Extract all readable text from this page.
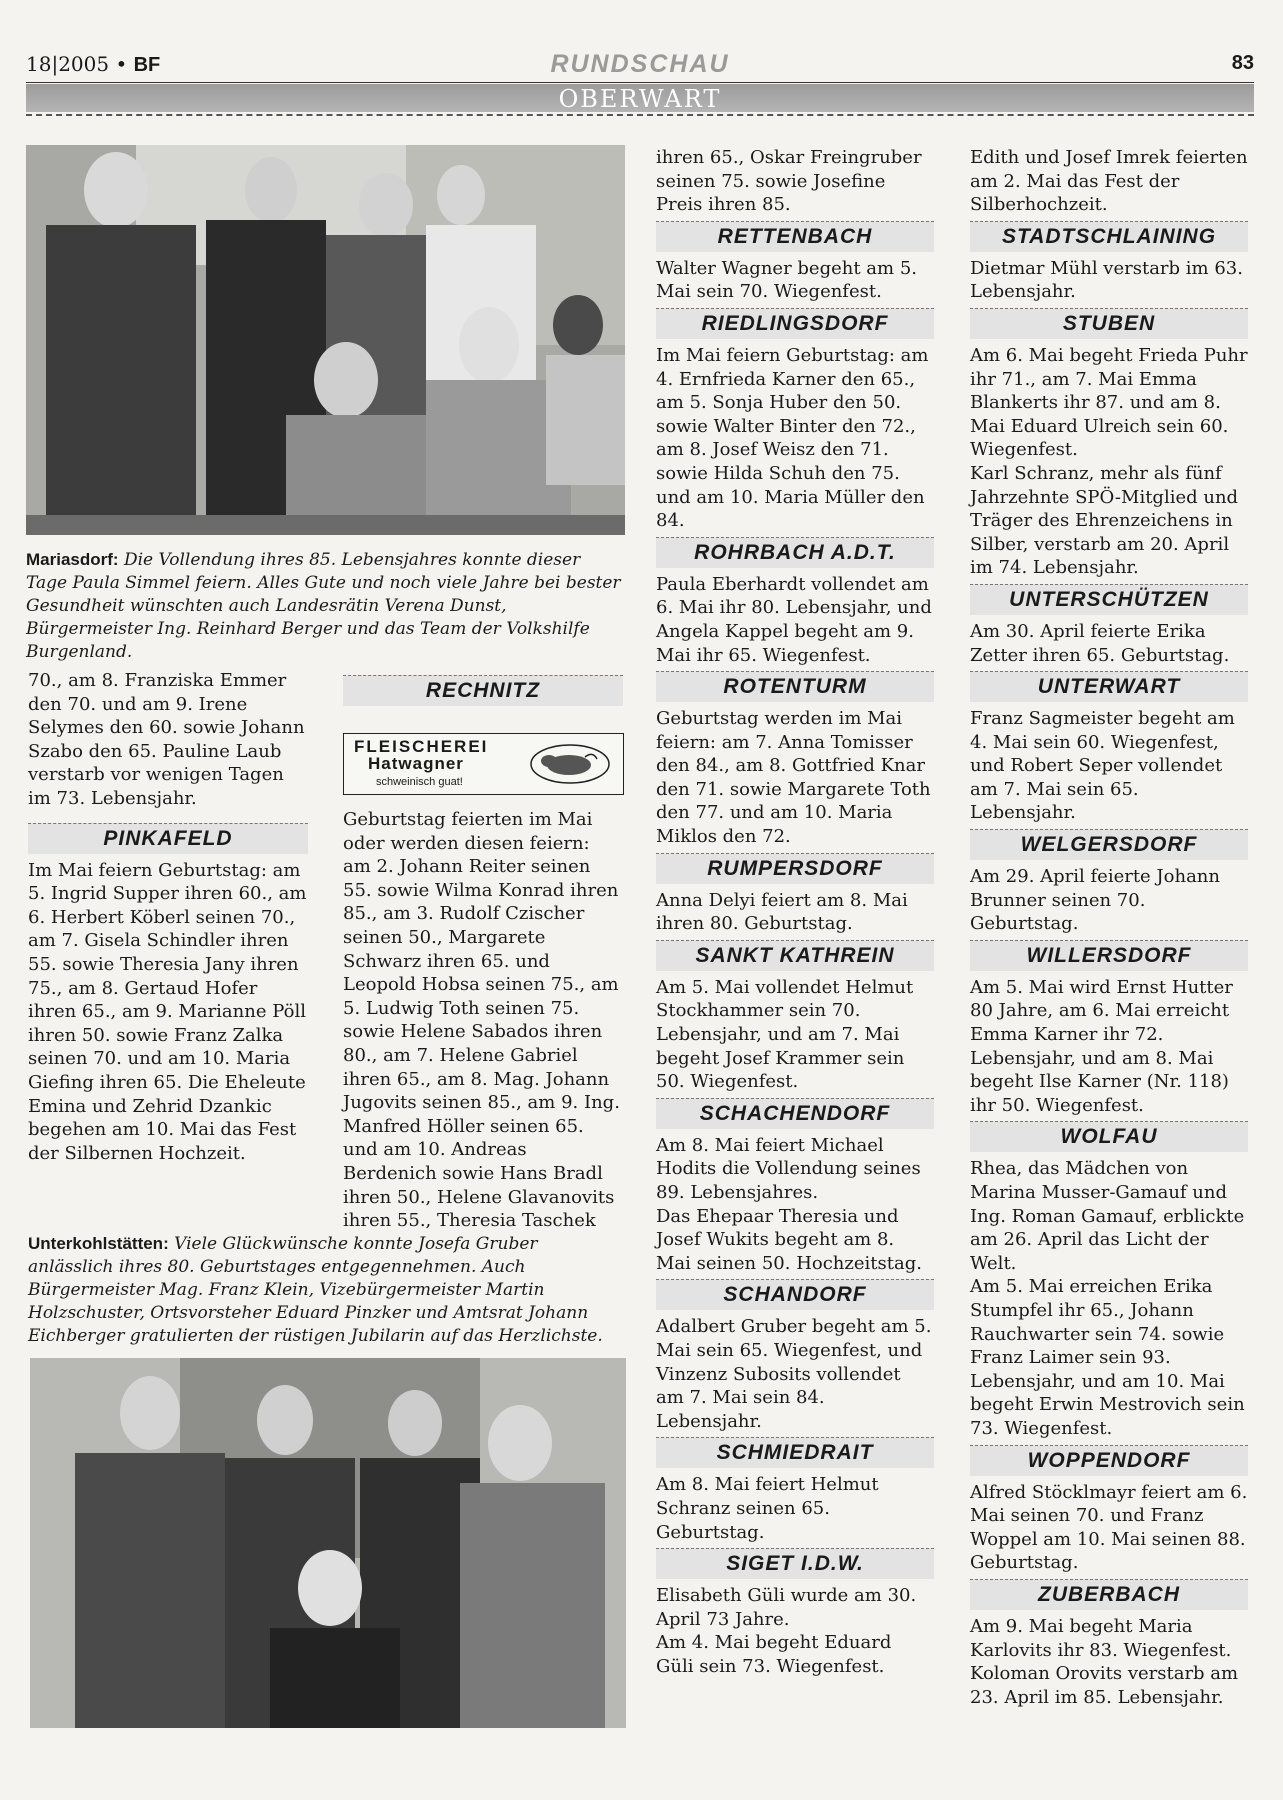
18|2005 • BF	RUNDSCHAU	83
OBERWART
Mariasdorf: Die Vollendung ihres 85. Lebensjahres konnte dieser Tage Paula Simmel feiern. Alles Gute und noch viele Jahre bei bester Gesundheit wünschten auch Landesrätin Verena Dunst, Bürgermeister Ing. Reinhard Berger und das Team der Volkshilfe Burgenland.

70., am 8. Franziska Emmer den 70. und am 9. Irene Selymes den 60. sowie Johann Szabo den 65. Pauline Laub verstarb vor wenigen Tagen im 73. Lebensjahr.

PINKAFELD

Im Mai feiern Geburtstag: am 5. Ingrid Supper ihren 60., am 6. Herbert Köberl seinen 70., am 7. Gisela Schindler ihren 55. sowie Theresia Jany ihren 75., am 8. Gertaud Hofer ihren 65., am 9. Marianne Pöll ihren 50. sowie Franz Zalka seinen 70. und am 10. Maria Giefing ihren 65. Die Eheleute Emina und Zehrid Dzankic begehen am 10. Mai das Fest der Silbernen Hochzeit.

RECHNITZ
FLEISCHEREI
Hatwagner
schweinisch guat!

Geburtstag feierten im Mai oder werden diesen feiern: am 2. Johann Reiter seinen 55. sowie Wilma Konrad ihren 85., am 3. Rudolf Czischer seinen 50., Margarete Schwarz ihren 65. und Leopold Hobsa seinen 75., am 5. Ludwig Toth seinen 75. sowie Helene Sabados ihren 80., am 7. Helene Gabriel ihren 65., am 8. Mag. Johann Jugovits seinen 85., am 9. Ing. Manfred Höller seinen 65. und am 10. Andreas Berdenich sowie Hans Bradl ihren 50., Helene Glavanovits ihren 55., Theresia Taschek

Unterkohlstätten: Viele Glückwünsche konnte Josefa Gruber anlässlich ihres 80. Geburtstages entgegennehmen. Auch Bürgermeister Mag. Franz Klein, Vizebürgermeister Martin Holzschuster, Ortsvorsteher Eduard Pinzker und Amtsrat Johann Eichberger gratulierten der rüstigen Jubilarin auf das Herzlichste.

ihren 65., Oskar Freingruber seinen 75. sowie Josefine Preis ihren 85.

RETTENBACH

Walter Wagner begeht am 5. Mai sein 70. Wiegenfest.

RIEDLINGSDORF

Im Mai feiern Geburtstag: am 4. Ernfrieda Karner den 65., am 5. Sonja Huber den 50. sowie Walter Binter den 72., am 8. Josef Weisz den 71. sowie Hilda Schuh den 75. und am 10. Maria Müller den 84.

ROHRBACH A.D.T.

Paula Eberhardt vollendet am 6. Mai ihr 80. Lebensjahr, und Angela Kappel begeht am 9. Mai ihr 65. Wiegenfest.

ROTENTURM

Geburtstag werden im Mai feiern: am 7. Anna Tomisser den 84., am 8. Gottfried Knar den 71. sowie Margarete Toth den 77. und am 10. Maria Miklos den 72.

RUMPERSDORF

Anna Delyi feiert am 8. Mai ihren 80. Geburtstag.

SANKT KATHREIN

Am 5. Mai vollendet Helmut Stockhammer sein 70. Lebensjahr, und am 7. Mai begeht Josef Krammer sein 50. Wiegenfest.

SCHACHENDORF

Am 8. Mai feiert Michael Hodits die Vollendung seines 89. Lebensjahres.

Das Ehepaar Theresia und Josef Wukits begeht am 8. Mai seinen 50. Hochzeitstag.

SCHANDORF

Adalbert Gruber begeht am 5. Mai sein 65. Wiegenfest, und Vinzenz Subosits vollendet am 7. Mai sein 84. Lebensjahr.

SCHMIEDRAIT

Am 8. Mai feiert Helmut Schranz seinen 65. Geburtstag.

SIGET I.D.W.

Elisabeth Güli wurde am 30. April 73 Jahre.

Am 4. Mai begeht Eduard Güli sein 73. Wiegenfest.

Edith und Josef Imrek feierten am 2. Mai das Fest der Silberhochzeit.

STADTSCHLAINING

Dietmar Mühl verstarb im 63. Lebensjahr.

STUBEN

Am 6. Mai begeht Frieda Puhr ihr 71., am 7. Mai Emma Blankerts ihr 87. und am 8. Mai Eduard Ulreich sein 60. Wiegenfest.

Karl Schranz, mehr als fünf Jahrzehnte SPÖ-Mitglied und Träger des Ehrenzeichens in Silber, verstarb am 20. April im 74. Lebensjahr.

UNTERSCHÜTZEN

Am 30. April feierte Erika Zetter ihren 65. Geburtstag.

UNTERWART

Franz Sagmeister begeht am 4. Mai sein 60. Wiegenfest, und Robert Seper vollendet am 7. Mai sein 65. Lebensjahr.

WELGERSDORF

Am 29. April feierte Johann Brunner seinen 70. Geburtstag.

WILLERSDORF

Am 5. Mai wird Ernst Hutter 80 Jahre, am 6. Mai erreicht Emma Karner ihr 72. Lebensjahr, und am 8. Mai begeht Ilse Karner (Nr. 118) ihr 50. Wiegenfest.

WOLFAU

Rhea, das Mädchen von Marina Musser-Gamauf und Ing. Roman Gamauf, erblickte am 26. April das Licht der Welt.

Am 5. Mai erreichen Erika Stumpfel ihr 65., Johann Rauchwarter sein 74. sowie Franz Laimer sein 93. Lebensjahr, und am 10. Mai begeht Erwin Mestrovich sein 73. Wiegenfest.

WOPPENDORF

Alfred Stöcklmayr feiert am 6. Mai seinen 70. und Franz Woppel am 10. Mai seinen 88. Geburtstag.

ZUBERBACH

Am 9. Mai begeht Maria Karlovits ihr 83. Wiegenfest.

Koloman Orovits verstarb am 23. April im 85. Lebensjahr.
